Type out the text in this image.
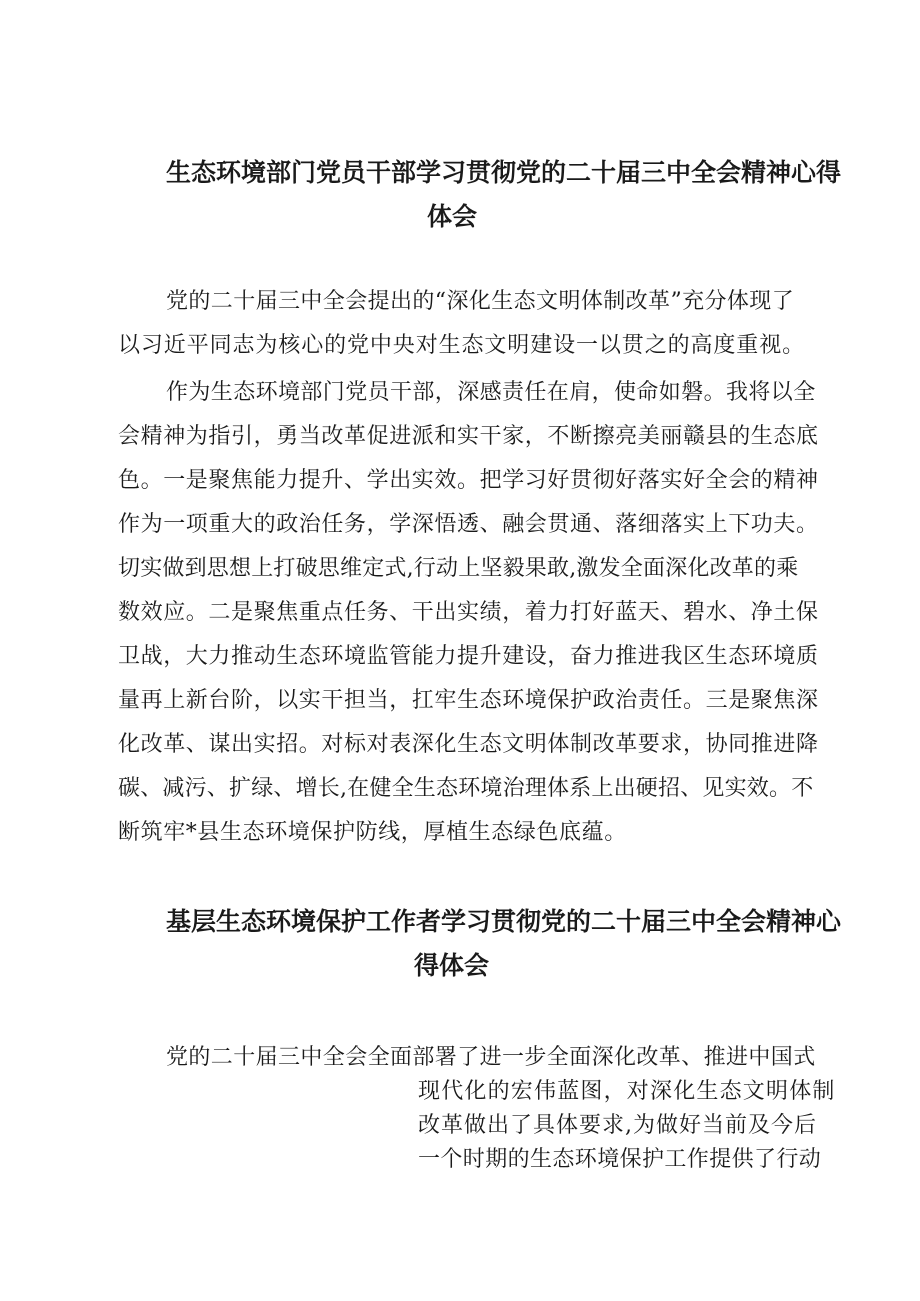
生态环境部门党员干部学习贯彻党的二十届三中全会精神心得
体会
党的二十届三中全会提出的“深化生态文明体制改革”充分体现了
以习近平同志为核心的党中央对生态文明建设一以贯之的高度重视。
作为生态环境部门党员干部，深感责任在肩，使命如磐。我将以全
会精神为指引，勇当改革促进派和实干家，不断擦亮美丽赣县的生态底
色。一是聚焦能力提升、学出实效。把学习好贯彻好落实好全会的精神
作为一项重大的政治任务，学深悟透、融会贯通、落细落实上下功夫。
切实做到思想上打破思维定式,行动上坚毅果敢,激发全面深化改革的乘
数效应。二是聚焦重点任务、干出实绩，着力打好蓝天、碧水、净土保
卫战，大力推动生态环境监管能力提升建设，奋力推进我区生态环境质
量再上新台阶，以实干担当，扛牢生态环境保护政治责任。三是聚焦深
化改革、谋出实招。对标对表深化生态文明体制改革要求，协同推进降
碳、减污、扩绿、增长,在健全生态环境治理体系上出硬招、见实效。不
断筑牢*县生态环境保护防线，厚植生态绿色底蕴。
基层生态环境保护工作者学习贯彻党的二十届三中全会精神心
得体会
党的二十届三中全会全面部署了进一步全面深化改革、推进中国式
现代化的宏伟蓝图，对深化生态文明体制
改革做出了具体要求,为做好当前及今后
一个时期的生态环境保护工作提供了行动
